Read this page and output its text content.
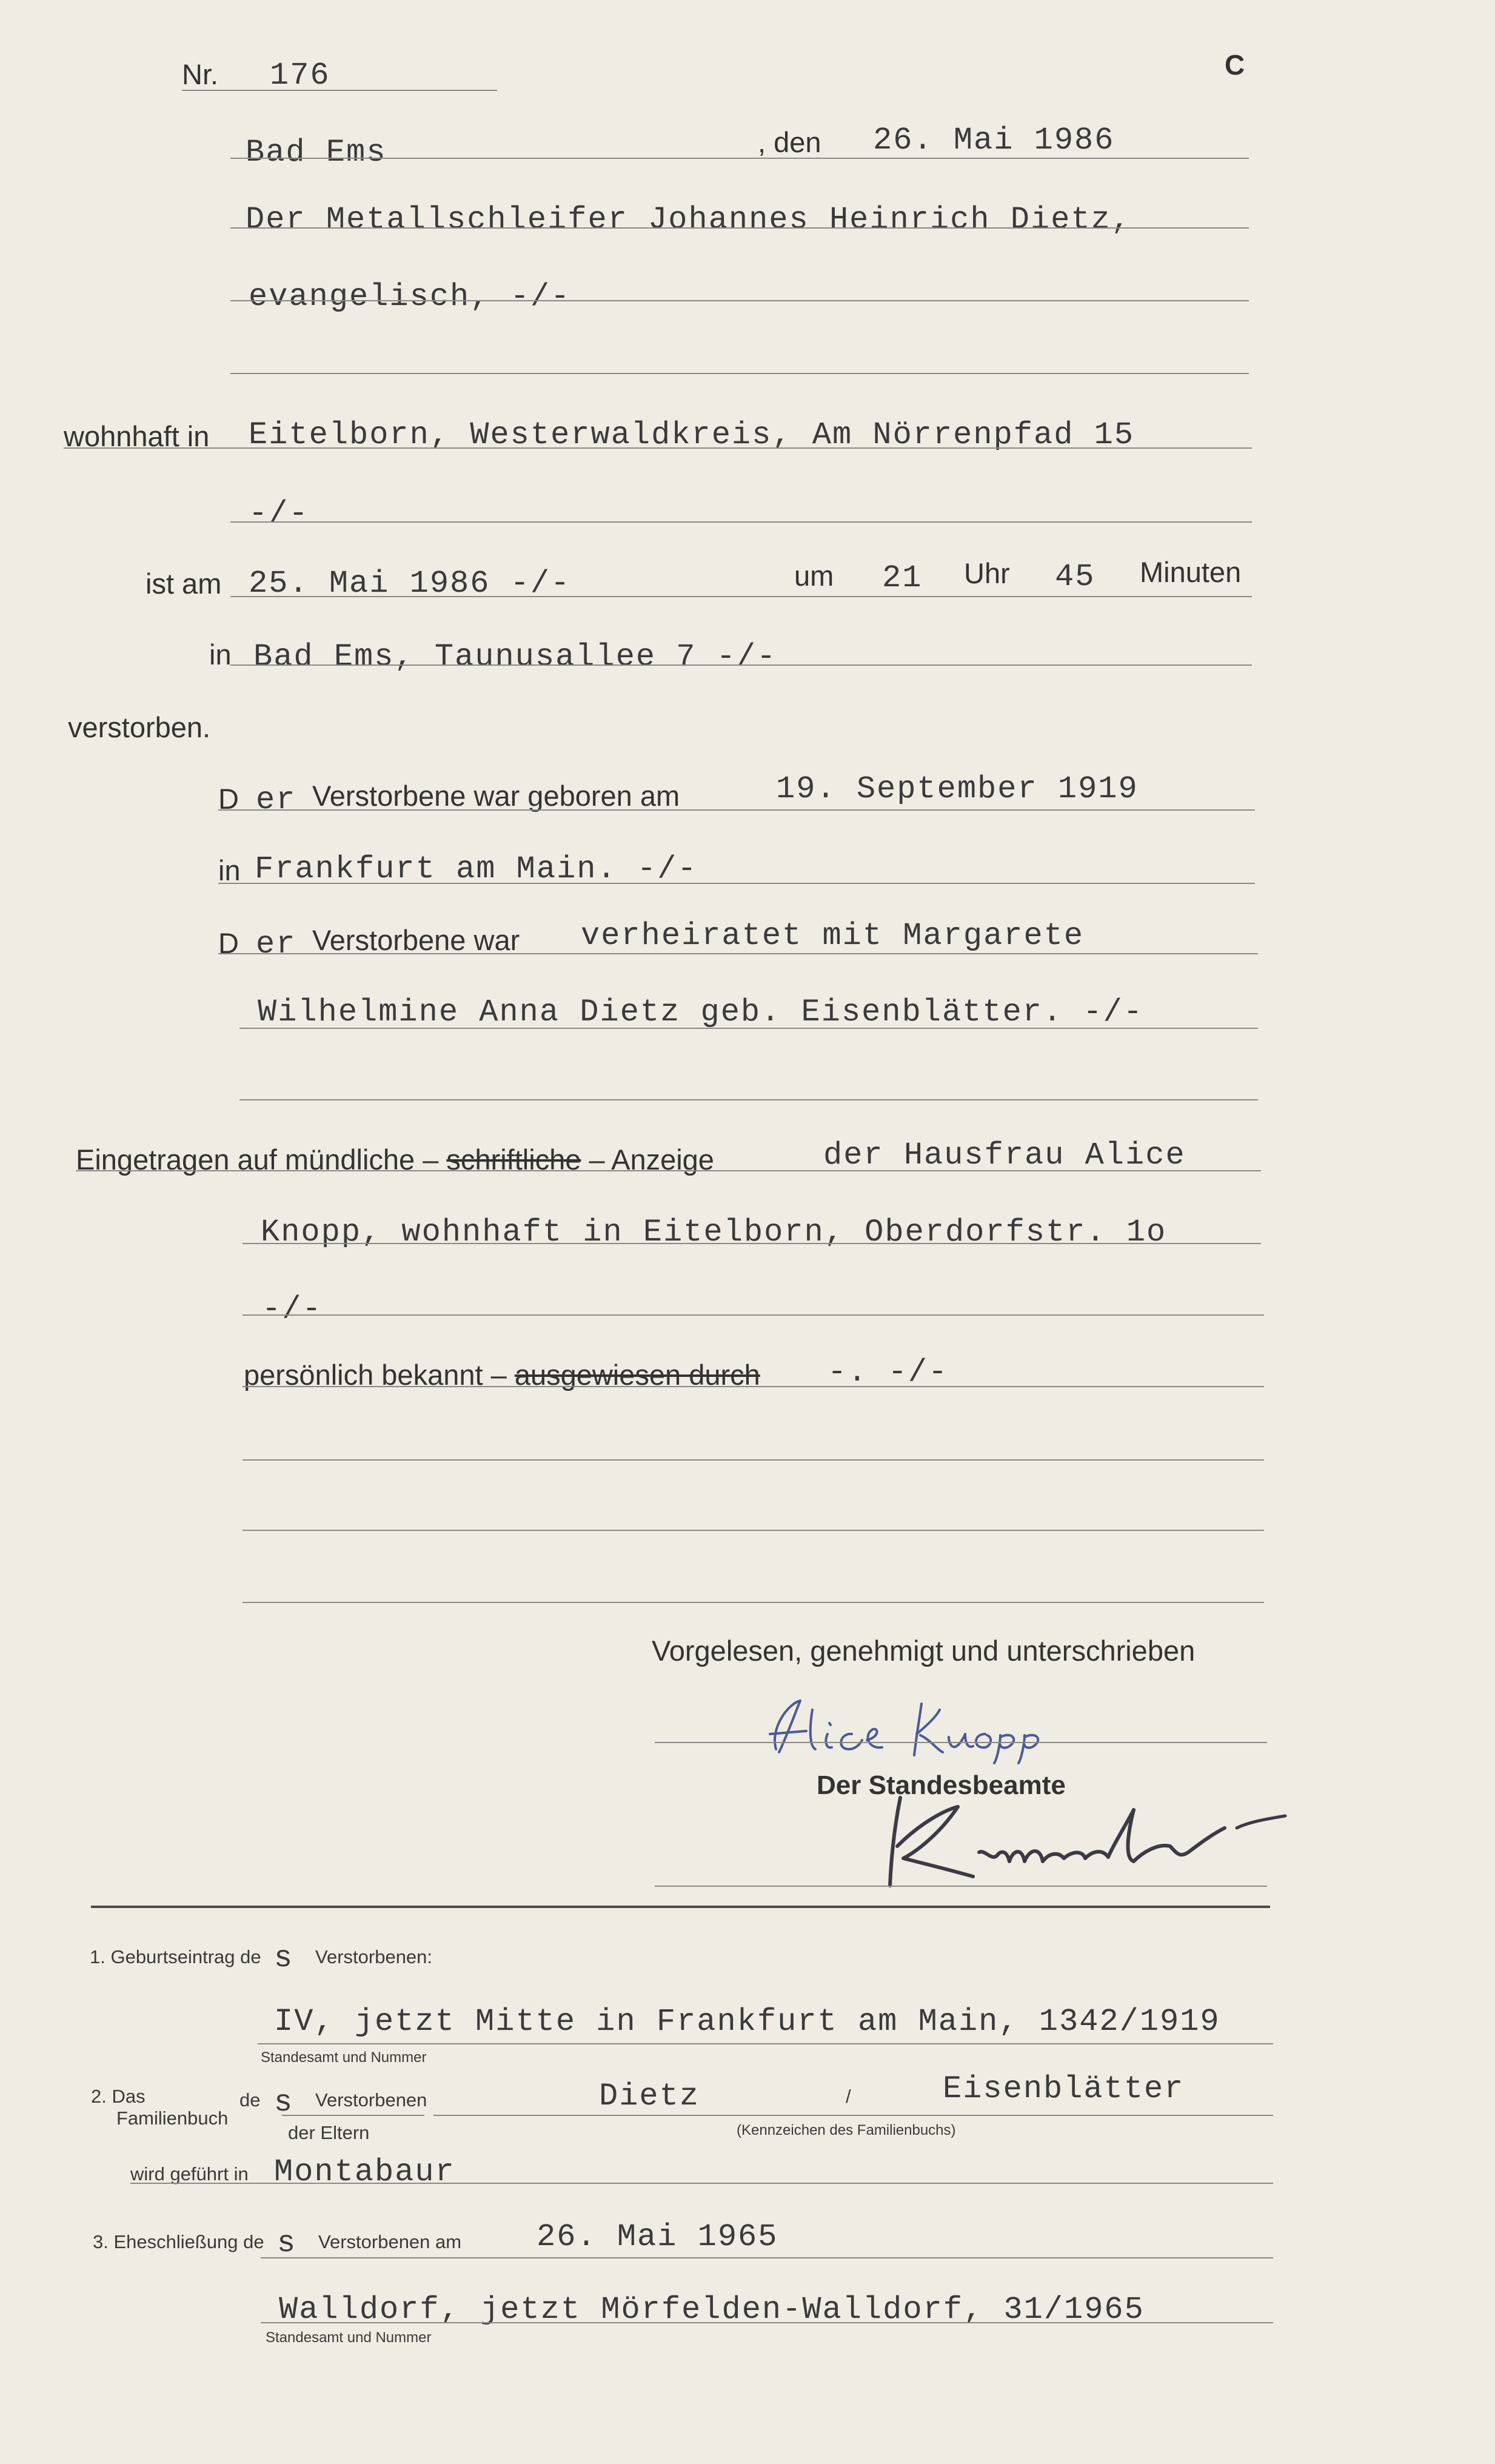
Nr. 176	C
Bad Ems	, den 26. Mai 1986
Der Metallschleifer Johannes Heinrich Dietz,
evangelisch, -/-
wohnhaft in Eitelborn, Westerwaldkreis, Am Nörrenpfad 15
-/-
ist am 25. Mai 1986 -/-	um 21 Uhr 45 Minuten
in Bad Ems, Taunusallee 7 -/-
verstorben.
D er Verstorbene war geboren am	19. September 1919
in Frankfurt am Main. -/-
D er Verstorbene war verheiratet mit Margarete
Wilhelmine Anna Dietz geb. Eisenblätter. -/-
Eingetragen auf mündliche – schriftliche – Anzeige	der Hausfrau Alice
Knopp, wohnhaft in Eitelborn, Oberdorfstr. 1o
-/-
persönlich bekannt – ausgewiesen durch -. -/-
Vorgelesen, genehmigt und unterschrieben
Der Standesbeamte
1. Geburtseintrag de s Verstorbenen:
IV, jetzt Mitte in Frankfurt am Main, 1342/1919
Standesamt und Nummer
2. Das
Familienbuch
de s Verstorbenen
der Eltern
Dietz	/	Eisenblätter
(Kennzeichen des Familienbuchs)
wird geführt in Montabaur
3. Eheschließung de s Verstorbenen am 26. Mai 1965
Walldorf, jetzt Mörfelden-Walldorf, 31/1965
Standesamt und Nummer
